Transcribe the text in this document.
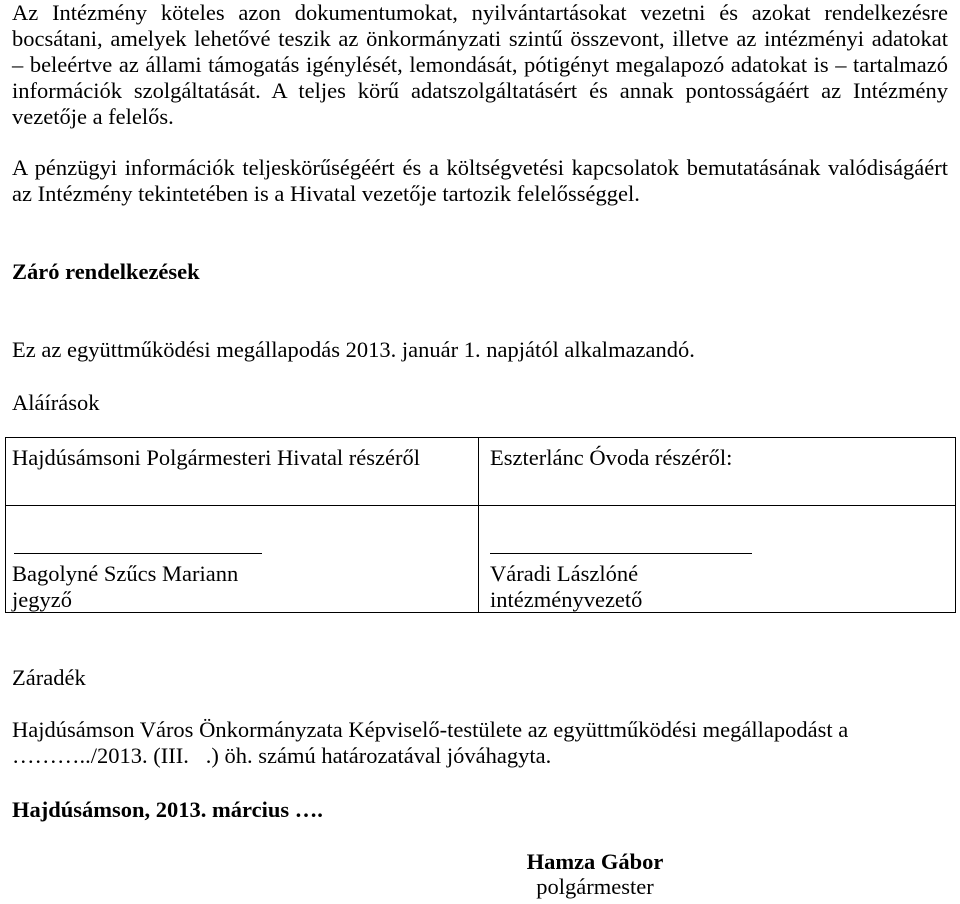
Az Intézmény köteles azon dokumentumokat, nyilvántartásokat vezetni és azokat rendelkezésre
bocsátani, amelyek lehetővé teszik az önkormányzati szintű összevont, illetve az intézményi adatokat
– beleértve az állami támogatás igénylését, lemondását, pótigényt megalapozó adatokat is – tartalmazó
információk szolgáltatását. A teljes körű adatszolgáltatásért és annak pontosságáért az Intézmény
vezetője a felelős.
A pénzügyi információk teljeskörűségéért és a költségvetési kapcsolatok bemutatásának valódiságáért
az Intézmény tekintetében is a Hivatal vezetője tartozik felelősséggel.
Záró rendelkezések
Ez az együttműködési megállapodás 2013. január 1. napjától alkalmazandó.
Aláírások
Hajdúsámsoni Polgármesteri Hivatal részéről	Eszterlánc Óvoda részéről:
Bagolyné Szűcs Mariann
jegyző
Váradi Lászlóné
intézményvezető
Záradék
Hajdúsámson Város Önkormányzata Képviselő-testülete az együttműködési megállapodást a
………../2013. (III.   .) öh. számú határozatával jóváhagyta.
Hajdúsámson, 2013. március ….
Hamza Gábor
polgármester
